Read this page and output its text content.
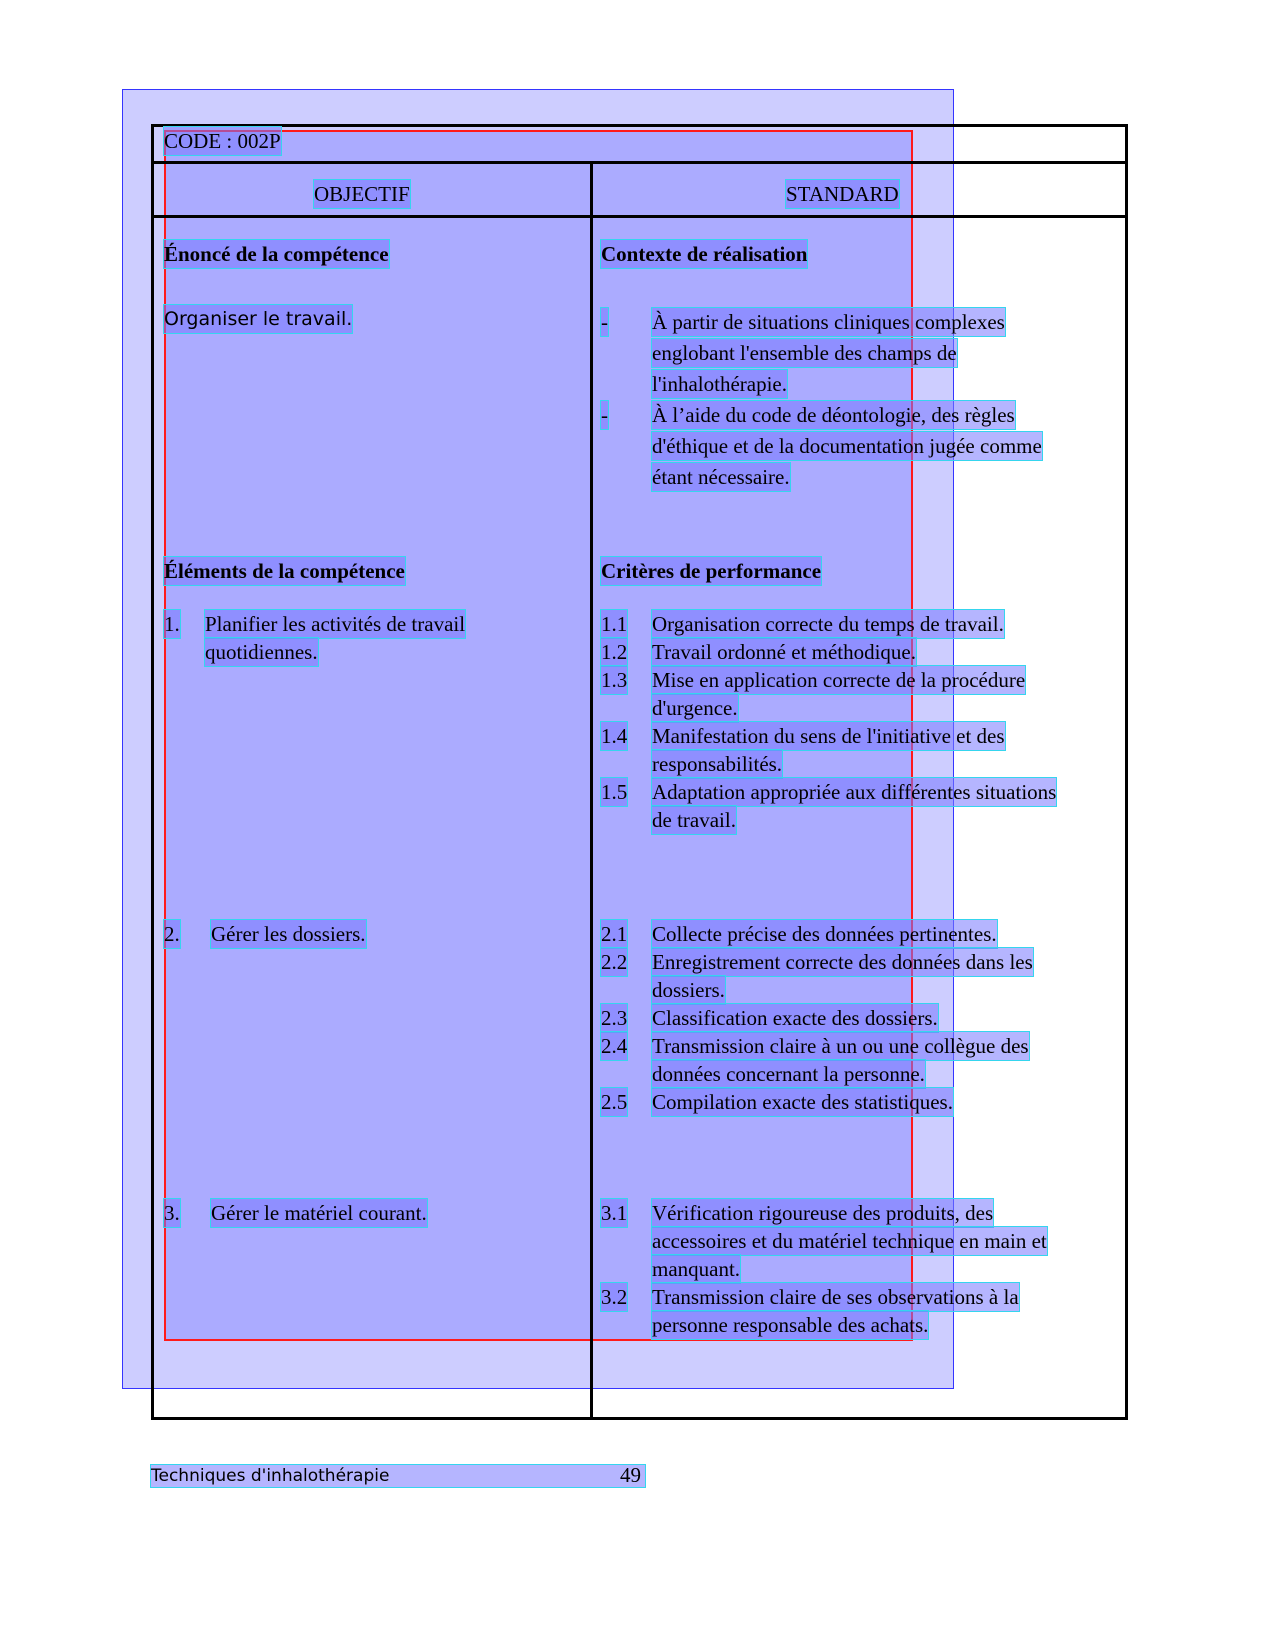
CODE : 002P
OBJECTIF	STANDARD
Énoncé de la compétence
Organiser le travail.
Éléments de la compétence
1. Planifier les activités de travail
quotidiennes.
2. Gérer les dossiers.
3. Gérer le matériel courant.
Contexte de réalisation
- À partir de situations cliniques complexes
englobant l'ensemble des champs de
l'inhalothérapie.
- À l’aide du code de déontologie, des règles
d'éthique et de la documentation jugée comme
étant nécessaire.
Critères de performance
1.1 Organisation correcte du temps de travail.
1.2 Travail ordonné et méthodique.
1.3 Mise en application correcte de la procédure
d'urgence.
1.4 Manifestation du sens de l'initiative et des
responsabilités.
1.5 Adaptation appropriée aux différentes situations
de travail.
2.1 Collecte précise des données pertinentes.
2.2 Enregistrement correcte des données dans les
dossiers.
2.3 Classification exacte des dossiers.
2.4 Transmission claire à un ou une collègue des
données concernant la personne.
2.5 Compilation exacte des statistiques.
3.1 Vérification rigoureuse des produits, des
accessoires et du matériel technique en main et
manquant.
3.2 Transmission claire de ses observations à la
personne responsable des achats.
Techniques d'inhalothérapie	49
